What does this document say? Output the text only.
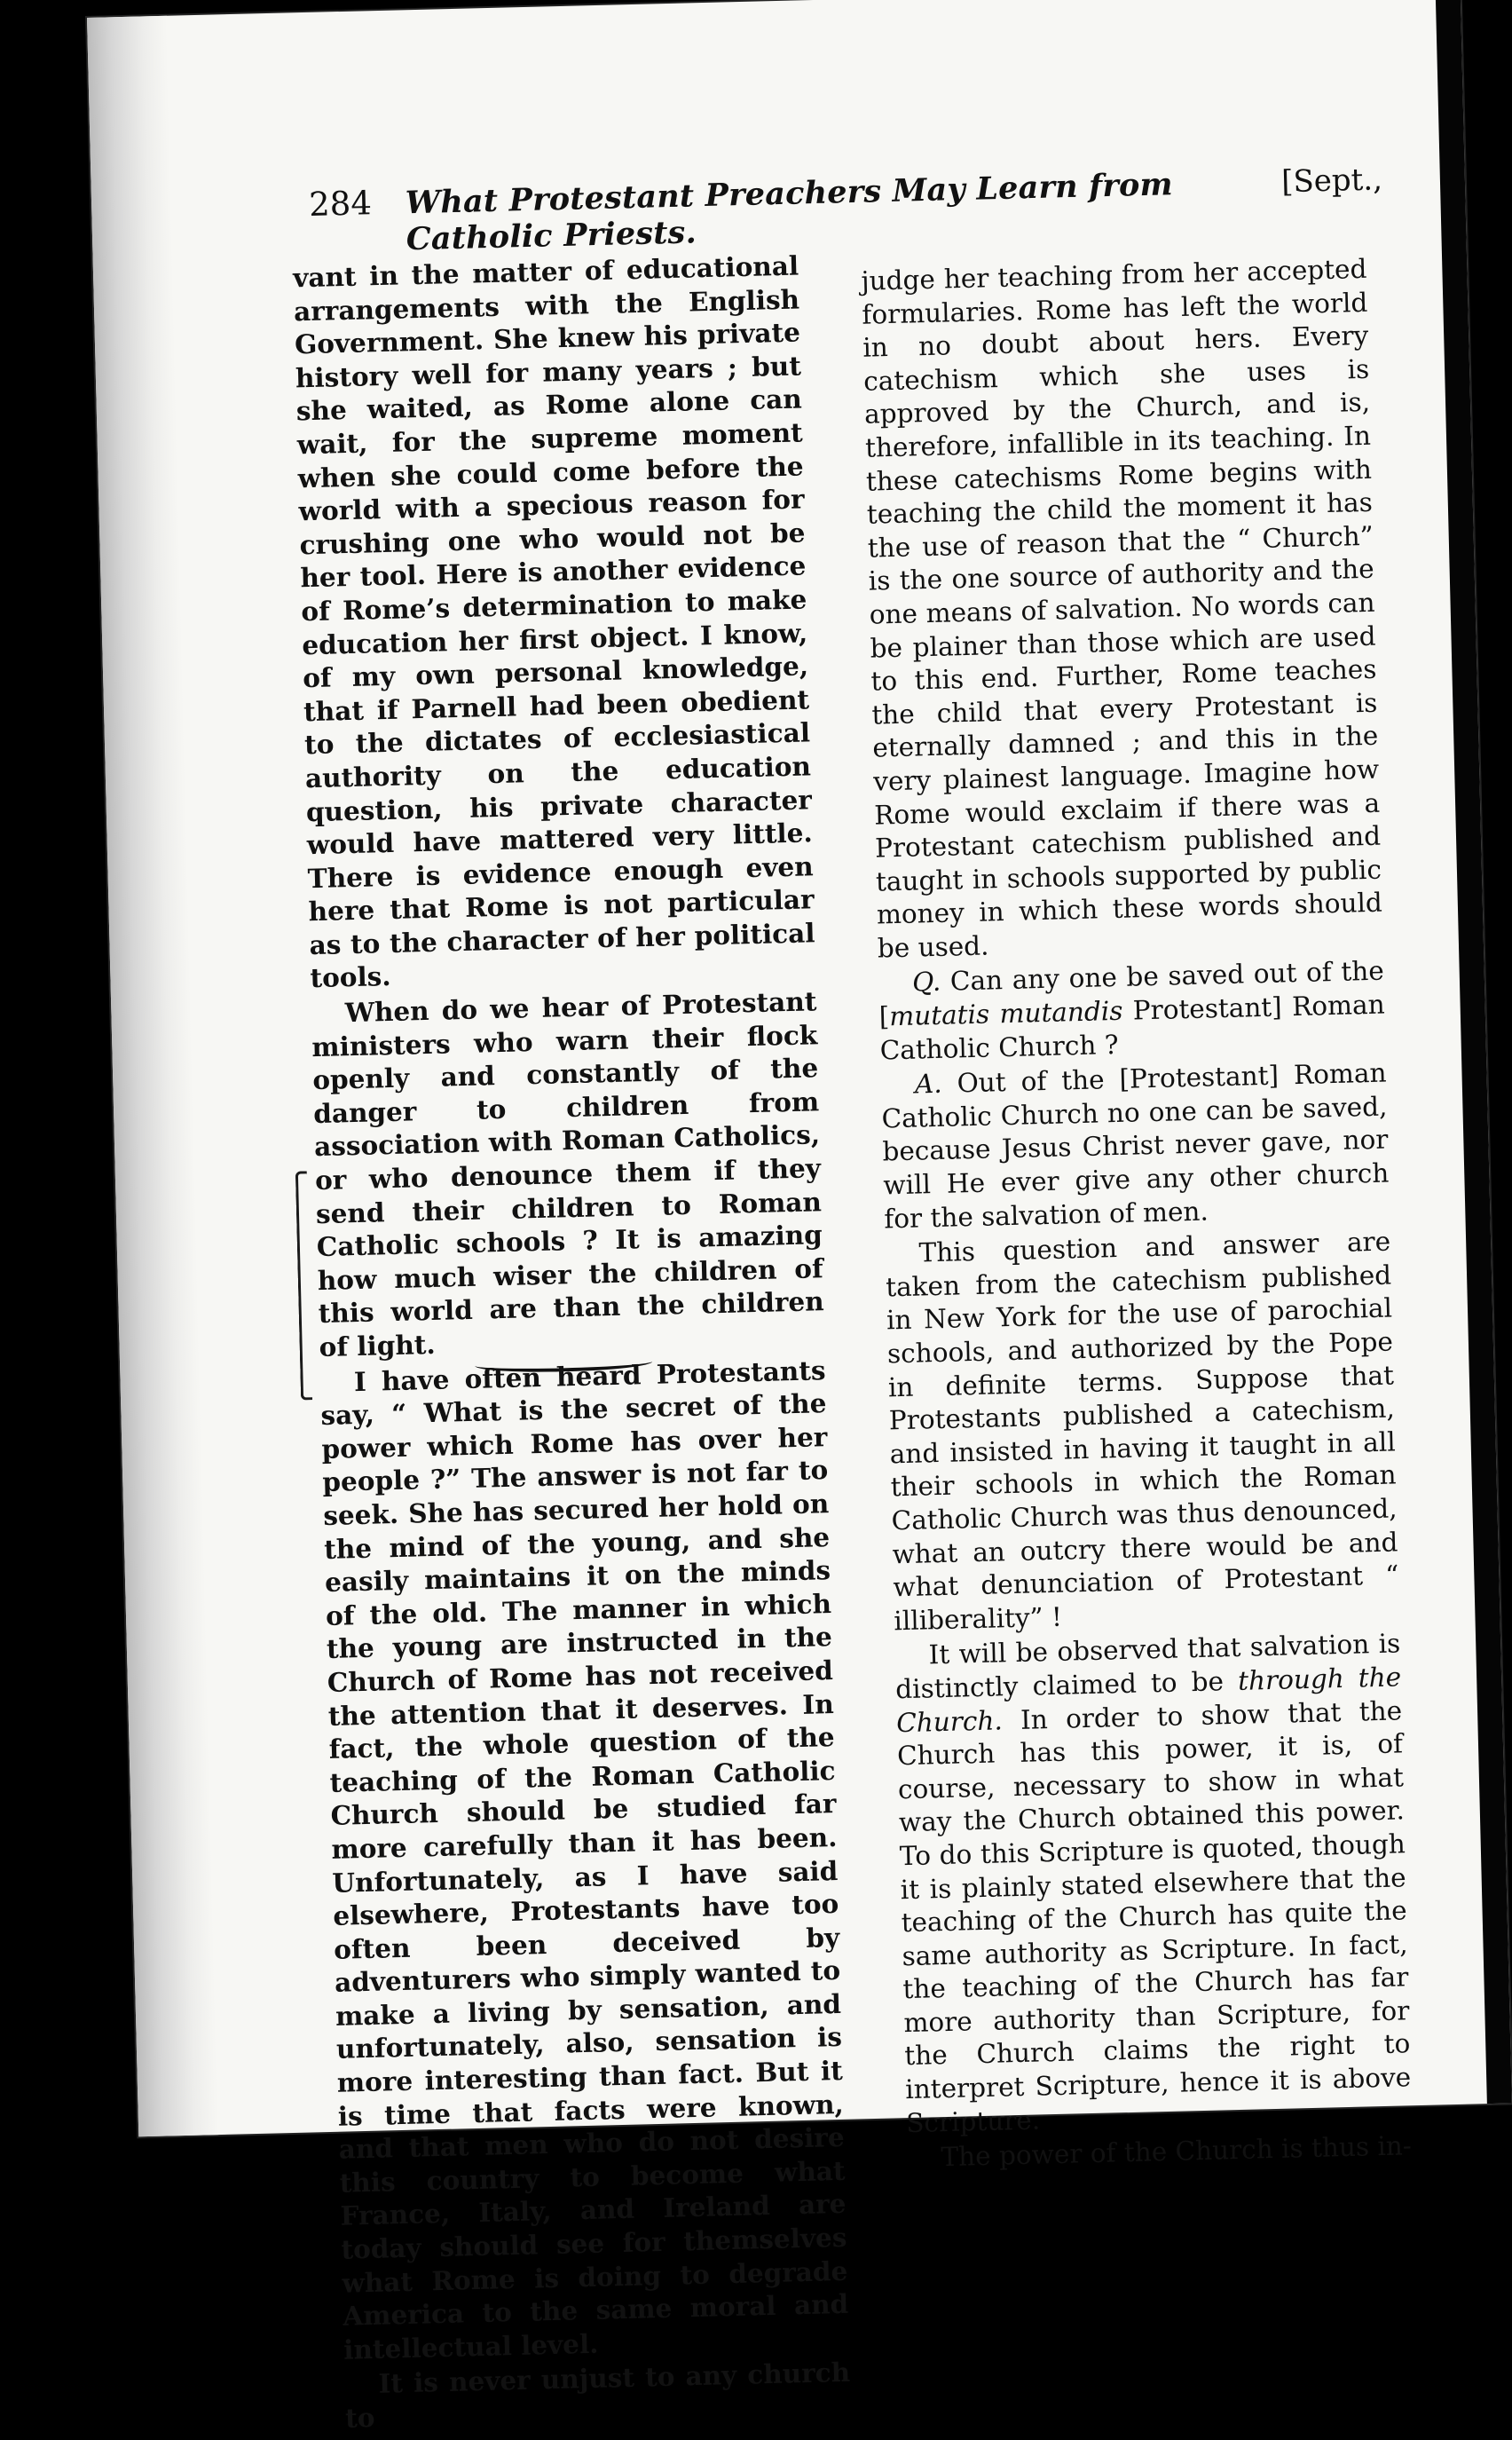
284 What Protestant Preachers May Learn from Catholic Priests.
[Sept.,

vant in the matter of educational arrangements with the English Government. She knew his private history well for many years ; but she waited, as Rome alone can wait, for the supreme moment when she could come before the world with a specious reason for crushing one who would not be her tool. Here is another evidence of Rome’s determination to make education her first object. I know, of my own personal knowledge, that if Parnell had been obedient to the dictates of ecclesiastical authority on the education question, his private character would have mattered very little. There is evidence enough even here that Rome is not particular as to the character of her political tools.

When do we hear of Protestant ministers who warn their flock openly and constantly of the danger to children from association with Roman Catholics, or who denounce them if they send their children to Roman Catholic schools ? It is amazing how much wiser the children of this world are than the children of light.

I have often heard Protestants say, “ What is the secret of the power which Rome has over her people ?” The answer is not far to seek. She has secured her hold on the mind of the young, and she easily maintains it on the minds of the old. The manner in which the young are instructed in the Church of Rome has not received the attention that it deserves. In fact, the whole question of the teaching of the Roman Catholic Church should be studied far more carefully than it has been. Unfortunately, as I have said elsewhere, Protestants have too often been deceived by adventurers who simply wanted to make a living by sensation, and unfortunately, also, sensation is more interesting than fact. But it is time that facts were known, and that men who do not desire this country to become what France, Italy, and Ireland are today should see for themselves what Rome is doing to degrade America to the same moral and intellectual level.

It is never unjust to any church to

judge her teaching from her accepted formularies. Rome has left the world in no doubt about hers. Every catechism which she uses is approved by the Church, and is, therefore, infallible in its teaching. In these catechisms Rome begins with teaching the child the moment it has the use of reason that the “ Church” is the one source of authority and the one means of salvation. No words can be plainer than those which are used to this end. Further, Rome teaches the child that every Protestant is eternally damned ; and this in the very plainest language. Imagine how Rome would exclaim if there was a Protestant catechism published and taught in schools supported by public money in which these words should be used.

Q. Can any one be saved out of the [mutatis mutandis Protestant] Roman Catholic Church ?

A. Out of the [Protestant] Roman Catholic Church no one can be saved, because Jesus Christ never gave, nor will He ever give any other church for the salvation of men.

This question and answer are taken from the catechism published in New York for the use of parochial schools, and authorized by the Pope in definite terms. Suppose that Protestants published a catechism, and insisted in having it taught in all their schools in which the Roman Catholic Church was thus denounced, what an outcry there would be and what denunciation of Protestant “ illiberality” !

It will be observed that salvation is distinctly claimed to be through the Church. In order to show that the Church has this power, it is, of course, necessary to show in what way the Church obtained this power. To do this Scripture is quoted, though it is plainly stated elsewhere that the teaching of the Church has quite the same authority as Scripture. In fact, the teaching of the Church has far more authority than Scripture, for the Church claims the right to interpret Scripture, hence it is above Scripture.

The power of the Church is thus in-
